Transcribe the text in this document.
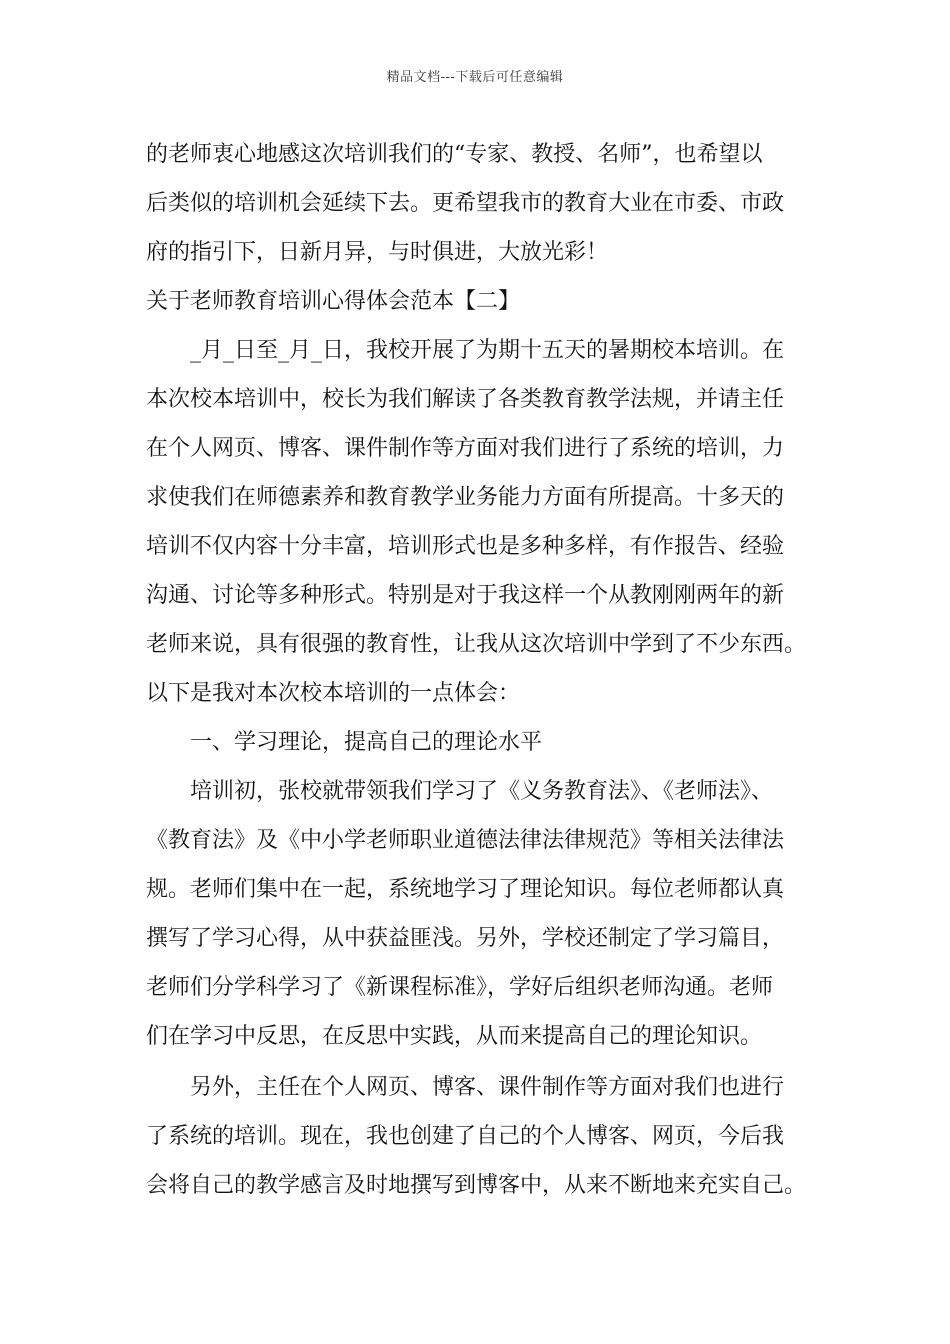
精品文档---下载后可任意编辑
的老师衷心地感这次培训我们的“专家、教授、名师”，也希望以
后类似的培训机会延续下去。更希望我市的教育大业在市委、市政
府的指引下，日新月异，与时俱进，大放光彩！
关于老师教育培训心得体会范本【二】
_月_日至_月_日，我校开展了为期十五天的暑期校本培训。在
本次校本培训中，校长为我们解读了各类教育教学法规，并请主任
在个人网页、博客、课件制作等方面对我们进行了系统的培训，力
求使我们在师德素养和教育教学业务能力方面有所提高。十多天的
培训不仅内容十分丰富，培训形式也是多种多样，有作报告、经验
沟通、讨论等多种形式。特别是对于我这样一个从教刚刚两年的新
老师来说，具有很强的教育性，让我从这次培训中学到了不少东西。
以下是我对本次校本培训的一点体会：
一、学习理论，提高自己的理论水平
培训初，张校就带领我们学习了《义务教育法》、《老师法》、
《教育法》及《中小学老师职业道德法律法律规范》等相关法律法
规。老师们集中在一起，系统地学习了理论知识。每位老师都认真
撰写了学习心得，从中获益匪浅。另外，学校还制定了学习篇目，
老师们分学科学习了《新课程标准》，学好后组织老师沟通。老师
们在学习中反思，在反思中实践，从而来提高自己的理论知识。
另外，主任在个人网页、博客、课件制作等方面对我们也进行
了系统的培训。现在，我也创建了自己的个人博客、网页，今后我
会将自己的教学感言及时地撰写到博客中，从来不断地来充实自己。
